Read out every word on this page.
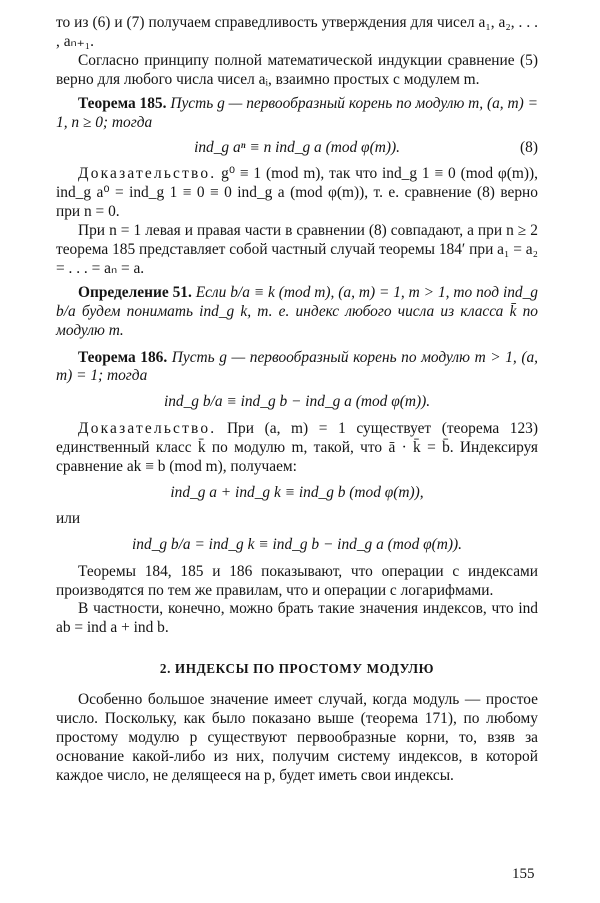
то из (6) и (7) получаем справедливость утверждения для чисел a₁, a₂, . . . , aₙ₊₁.

Согласно принципу полной математической индукции сравнение (5) верно для любого числа чисел aᵢ, взаимно простых с модулем m.

Теорема 185. Пусть g — первообразный корень по модулю m, (a, m) = 1, n ≥ 0; тогда

ind_g aⁿ ≡ n ind_g a (mod φ(m)).	(8)

Доказательство. g⁰ ≡ 1 (mod m), так что ind_g 1 ≡ 0 (mod φ(m)), ind_g a⁰ = ind_g 1 ≡ 0 ≡ 0 ind_g a (mod φ(m)), т. е. сравнение (8) верно при n = 0.

При n = 1 левая и правая части в сравнении (8) совпадают, а при n ≥ 2 теорема 185 представляет собой частный случай теоремы 184′ при a₁ = a₂ = . . . = aₙ = a.

Определение 51. Если b/a ≡ k (mod m), (a, m) = 1, m > 1, то под ind_g b/a будем понимать ind_g k, т. е. индекс любого числа из класса k̄ по модулю m.

Теорема 186. Пусть g — первообразный корень по модулю m > 1, (a, m) = 1; тогда

ind_g b/a ≡ ind_g b − ind_g a (mod φ(m)).

Доказательство. При (a, m) = 1 существует (теорема 123) единственный класс k̄ по модулю m, такой, что ā · k̄ = b̄. Индексируя сравнение ak ≡ b (mod m), получаем:

ind_g a + ind_g k ≡ ind_g b (mod φ(m)),

или

ind_g b/a = ind_g k ≡ ind_g b − ind_g a (mod φ(m)).

Теоремы 184, 185 и 186 показывают, что операции с индексами производятся по тем же правилам, что и операции с логарифмами.

В частности, конечно, можно брать такие значения индексов, что ind ab = ind a + ind b.

2. ИНДЕКСЫ ПО ПРОСТОМУ МОДУЛЮ

Особенно большое значение имеет случай, когда модуль — простое число. Поскольку, как было показано выше (теорема 171), по любому простому модулю p существуют первообразные корни, то, взяв за основание какой-либо из них, получим систему индексов, в которой каждое число, не делящееся на p, будет иметь свои индексы.

155
